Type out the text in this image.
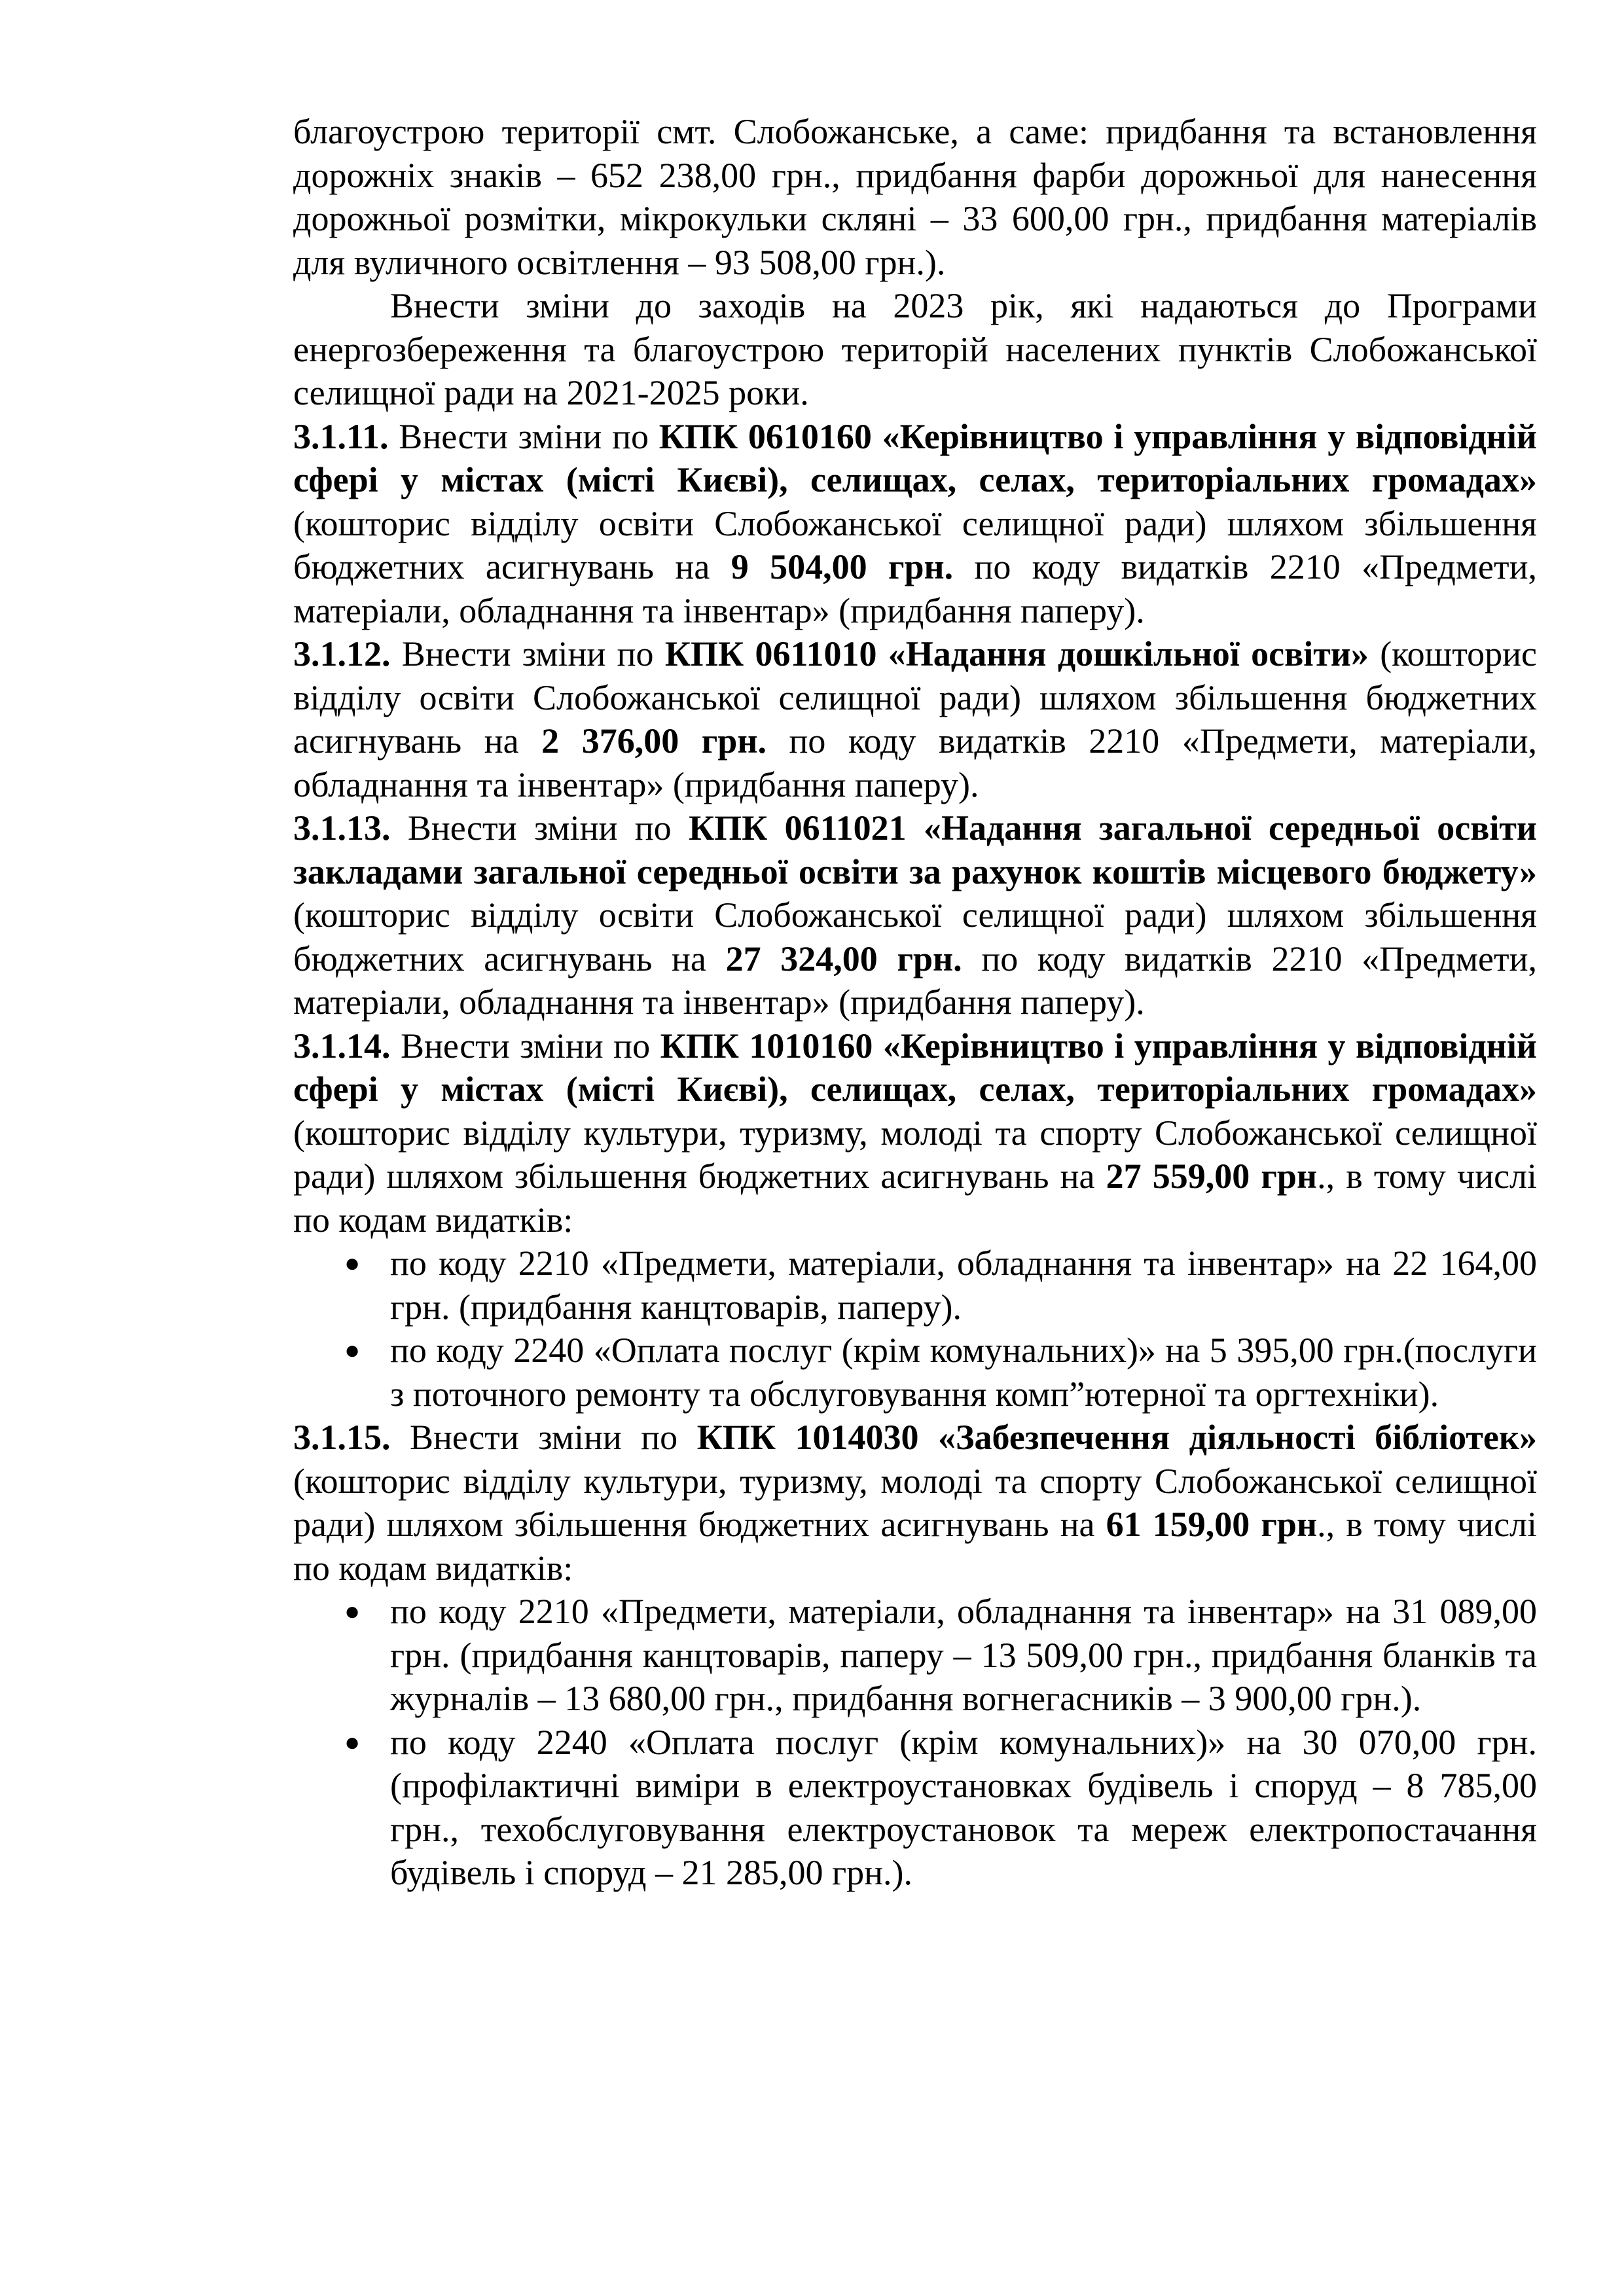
благоустрою території смт. Слобожанське, а саме: придбання та встановлення дорожніх знаків – 652 238,00 грн., придбання фарби дорожньої для нанесення дорожньої розмітки, мікрокульки скляні – 33 600,00 грн., придбання матеріалів для вуличного освітлення – 93 508,00 грн.).

Внести зміни до заходів на 2023 рік, які надаються до Програми енергозбереження та благоустрою територій населених пунктів Слобожанської селищної ради на 2021-2025 роки.

3.1.11. Внести зміни по КПК 0610160 «Керівництво і управління у відповідній сфері у містах (місті Києві), селищах, селах, територіальних громадах» (кошторис відділу освіти Слобожанської селищної ради) шляхом збільшення бюджетних асигнувань на 9 504,00 грн. по коду видатків 2210 «Предмети, матеріали, обладнання та інвентар» (придбання паперу).

3.1.12. Внести зміни по КПК 0611010 «Надання дошкільної освіти» (кошторис відділу освіти Слобожанської селищної ради) шляхом збільшення бюджетних асигнувань на 2 376,00 грн. по коду видатків 2210 «Предмети, матеріали, обладнання та інвентар» (придбання паперу).

3.1.13. Внести зміни по КПК 0611021 «Надання загальної середньої освіти закладами загальної середньої освіти за рахунок коштів місцевого бюджету» (кошторис відділу освіти Слобожанської селищної ради) шляхом збільшення бюджетних асигнувань на 27 324,00 грн. по коду видатків 2210 «Предмети, матеріали, обладнання та інвентар» (придбання паперу).

3.1.14. Внести зміни по КПК 1010160 «Керівництво і управління у відповідній сфері у містах (місті Києві), селищах, селах, територіальних громадах» (кошторис відділу культури, туризму, молоді та спорту Слобожанської селищної ради) шляхом збільшення бюджетних асигнувань на 27 559,00 грн., в тому числі по кодам видатків:

● по коду 2210 «Предмети, матеріали, обладнання та інвентар» на 22 164,00 грн. (придбання канцтоварів, паперу).
● по коду 2240 «Оплата послуг (крім комунальних)» на 5 395,00 грн.(послуги з поточного ремонту та обслуговування комп”ютерної та оргтехніки).

3.1.15. Внести зміни по КПК 1014030 «Забезпечення діяльності бібліотек» (кошторис відділу культури, туризму, молоді та спорту Слобожанської селищної ради) шляхом збільшення бюджетних асигнувань на 61 159,00 грн., в тому числі по кодам видатків:

● по коду 2210 «Предмети, матеріали, обладнання та інвентар» на 31 089,00 грн. (придбання канцтоварів, паперу – 13 509,00 грн., придбання бланків та журналів – 13 680,00 грн., придбання вогнегасників – 3 900,00 грн.).
● по коду 2240 «Оплата послуг (крім комунальних)» на 30 070,00 грн.(профілактичні виміри в електроустановках будівель і споруд – 8 785,00 грн., техобслуговування електроустановок та мереж електропостачання будівель і споруд – 21 285,00 грн.).
